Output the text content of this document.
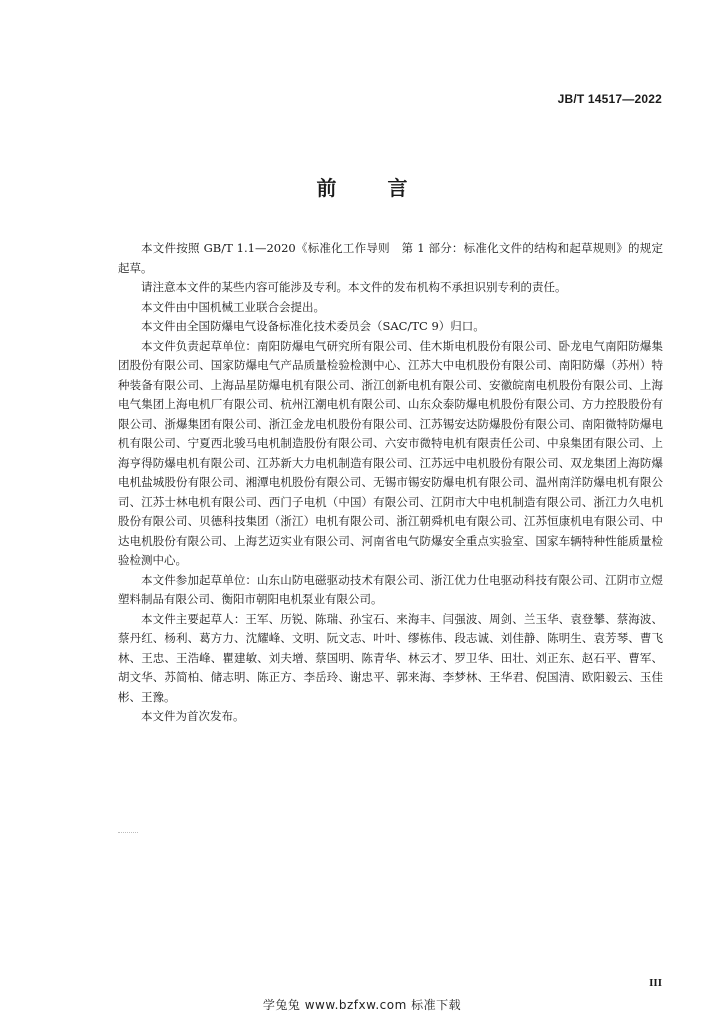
JB/T 14517—2022
前 言

本文件按照 GB/T 1.1—2020《标准化工作导则　第 1 部分：标准化文件的结构和起草规则》的规定起草。

请注意本文件的某些内容可能涉及专利。本文件的发布机构不承担识别专利的责任。

本文件由中国机械工业联合会提出。

本文件由全国防爆电气设备标准化技术委员会（SAC/TC 9）归口。

本文件负责起草单位：南阳防爆电气研究所有限公司、佳木斯电机股份有限公司、卧龙电气南阳防爆集团股份有限公司、国家防爆电气产品质量检验检测中心、江苏大中电机股份有限公司、南阳防爆（苏州）特种装备有限公司、上海品星防爆电机有限公司、浙江创新电机有限公司、安徽皖南电机股份有限公司、上海电气集团上海电机厂有限公司、杭州江潮电机有限公司、山东众泰防爆电机股份有限公司、方力控股股份有限公司、浙爆集团有限公司、浙江金龙电机股份有限公司、江苏锡安达防爆股份有限公司、南阳微特防爆电机有限公司、宁夏西北骏马电机制造股份有限公司、六安市微特电机有限责任公司、中泉集团有限公司、上海亨得防爆电机有限公司、江苏新大力电机制造有限公司、江苏远中电机股份有限公司、双龙集团上海防爆电机盐城股份有限公司、湘潭电机股份有限公司、无锡市锡安防爆电机有限公司、温州南洋防爆电机有限公司、江苏士林电机有限公司、西门子电机（中国）有限公司、江阴市大中电机制造有限公司、浙江力久电机股份有限公司、贝德科技集团（浙江）电机有限公司、浙江朝舜机电有限公司、江苏恒康机电有限公司、中达电机股份有限公司、上海艺迈实业有限公司、河南省电气防爆安全重点实验室、国家车辆特种性能质量检验检测中心。

本文件参加起草单位：山东山防电磁驱动技术有限公司、浙江优力仕电驱动科技有限公司、江阴市立煜塑料制品有限公司、衡阳市朝阳电机泵业有限公司。

本文件主要起草人：王军、历锐、陈瑞、孙宝石、来海丰、闫强波、周剑、兰玉华、袁登攀、蔡海波、蔡丹红、杨利、葛方力、沈耀峰、文明、阮文志、叶叶、缪栋伟、段志诚、刘佳静、陈明生、袁芳琴、曹飞林、王忠、王浩峰、瞿建敏、刘夫增、蔡国明、陈青华、林云才、罗卫华、田壮、刘正东、赵石平、曹军、胡文华、苏简柏、储志明、陈正方、李岳玲、谢忠平、郭来海、李梦林、王华君、倪国清、欧阳毅云、玉佳彬、王豫。

本文件为首次发布。

III
学兔兔 www.bzfxw.com 标准下载
